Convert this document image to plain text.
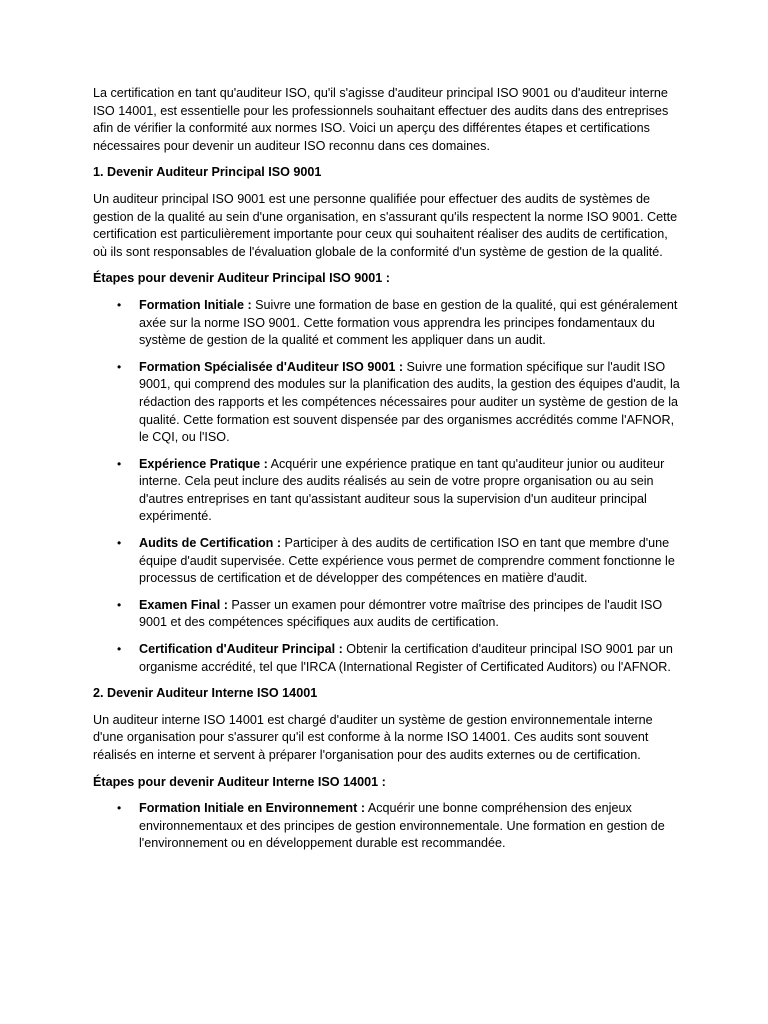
La certification en tant qu'auditeur ISO, qu'il s'agisse d'auditeur principal ISO 9001 ou d'auditeur interne ISO 14001, est essentielle pour les professionnels souhaitant effectuer des audits dans des entreprises afin de vérifier la conformité aux normes ISO. Voici un aperçu des différentes étapes et certifications nécessaires pour devenir un auditeur ISO reconnu dans ces domaines.

1. Devenir Auditeur Principal ISO 9001

Un auditeur principal ISO 9001 est une personne qualifiée pour effectuer des audits de systèmes de gestion de la qualité au sein d'une organisation, en s'assurant qu'ils respectent la norme ISO 9001. Cette certification est particulièrement importante pour ceux qui souhaitent réaliser des audits de certification, où ils sont responsables de l'évaluation globale de la conformité d'un système de gestion de la qualité.

Étapes pour devenir Auditeur Principal ISO 9001 :

• Formation Initiale : Suivre une formation de base en gestion de la qualité, qui est généralement axée sur la norme ISO 9001. Cette formation vous apprendra les principes fondamentaux du système de gestion de la qualité et comment les appliquer dans un audit.
• Formation Spécialisée d'Auditeur ISO 9001 : Suivre une formation spécifique sur l'audit ISO 9001, qui comprend des modules sur la planification des audits, la gestion des équipes d'audit, la rédaction des rapports et les compétences nécessaires pour auditer un système de gestion de la qualité. Cette formation est souvent dispensée par des organismes accrédités comme l'AFNOR, le CQI, ou l'ISO.
• Expérience Pratique : Acquérir une expérience pratique en tant qu'auditeur junior ou auditeur interne. Cela peut inclure des audits réalisés au sein de votre propre organisation ou au sein d'autres entreprises en tant qu'assistant auditeur sous la supervision d'un auditeur principal expérimenté.
• Audits de Certification : Participer à des audits de certification ISO en tant que membre d'une équipe d'audit supervisée. Cette expérience vous permet de comprendre comment fonctionne le processus de certification et de développer des compétences en matière d'audit.
• Examen Final : Passer un examen pour démontrer votre maîtrise des principes de l'audit ISO 9001 et des compétences spécifiques aux audits de certification.
• Certification d'Auditeur Principal : Obtenir la certification d'auditeur principal ISO 9001 par un organisme accrédité, tel que l'IRCA (International Register of Certificated Auditors) ou l'AFNOR.
2. Devenir Auditeur Interne ISO 14001

Un auditeur interne ISO 14001 est chargé d'auditer un système de gestion environnementale interne d'une organisation pour s'assurer qu'il est conforme à la norme ISO 14001. Ces audits sont souvent réalisés en interne et servent à préparer l'organisation pour des audits externes ou de certification.

Étapes pour devenir Auditeur Interne ISO 14001 :

• Formation Initiale en Environnement : Acquérir une bonne compréhension des enjeux environnementaux et des principes de gestion environnementale. Une formation en gestion de l'environnement ou en développement durable est recommandée.
